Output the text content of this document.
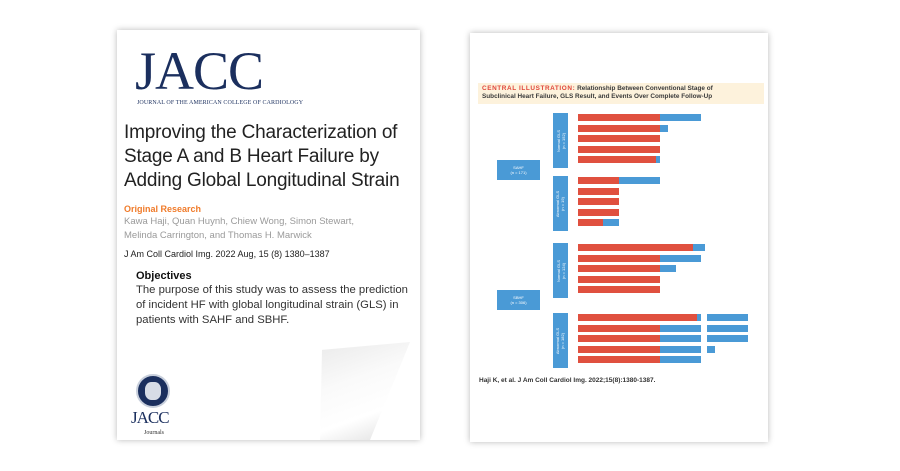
JACC
JOURNAL OF THE AMERICAN COLLEGE OF CARDIOLOGY
Improving the Characterization of Stage A and B Heart Failure by Adding Global Longitudinal Strain
Original Research
Kawa Haji, Quan Huynh, Chiew Wong, Simon Stewart,
Melinda Carrington, and Thomas H. Marwick
J Am Coll Cardiol Img. 2022 Aug, 15 (8) 1380–1387
Objectives
The purpose of this study was to assess the prediction
of incident HF with global longitudinal strain (GLS) in
patients with SAHF and SBHF.
JACC
Journals
CENTRAL ILLUSTRATION: Relationship Between Conventional Stage of
Subclinical Heart Failure, GLS Result, and Events Over Complete Follow-Up
SAHF
(n = 171)
Normal GLS (n = 152)
Abnormal GLS (n = 19)
SBHF
(n = 306)
Normal GLS (n = 124)
Abnormal GLS (n = 182)
Haji K, et al. J Am Coll Cardiol Img. 2022;15(8):1380-1387.
